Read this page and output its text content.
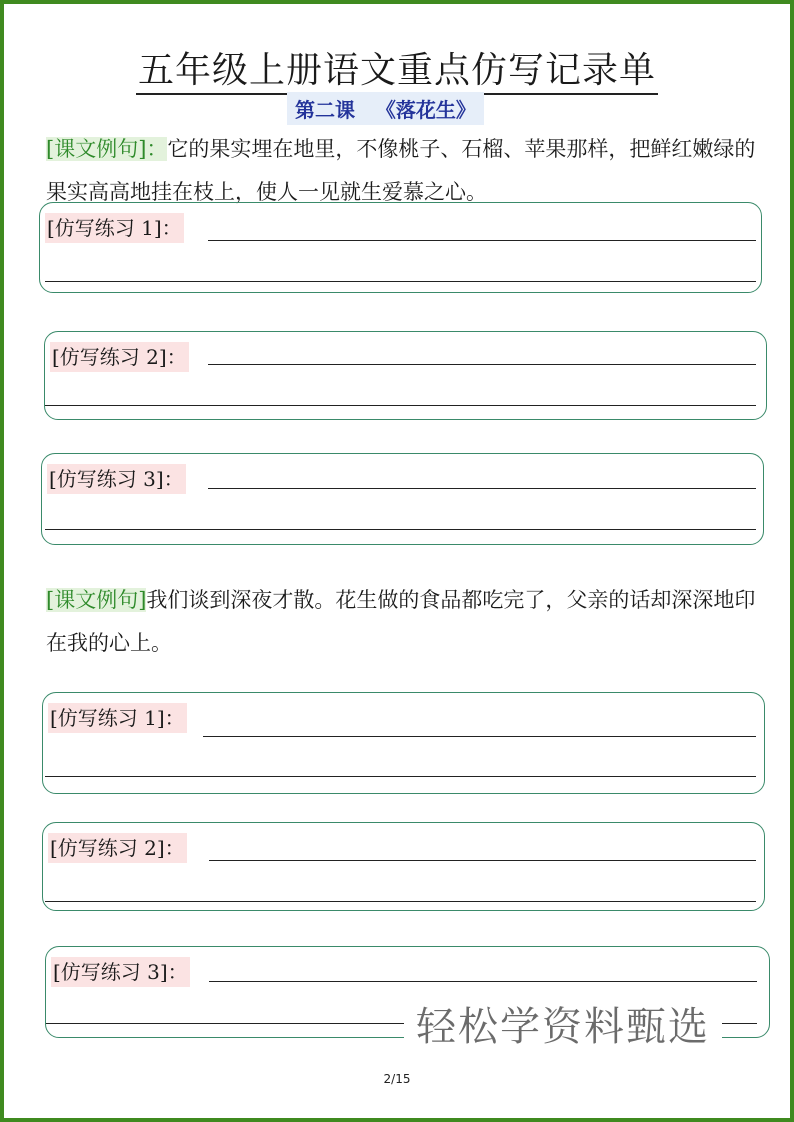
五年级上册语文重点仿写记录单
第二课   《落花生》
[课文例句]：它的果实埋在地里，不像桃子、石榴、苹果那样，把鲜红嫩绿的果实高高地挂在枝上，使人一见就生爱慕之心。
[仿写练习 1]：
[仿写练习 2]：
[仿写练习 3]：
[课文例句]我们谈到深夜才散。花生做的食品都吃完了，父亲的话却深深地印在我的心上。
[仿写练习 1]：
[仿写练习 2]：
[仿写练习 3]：
轻松学资料甄选
2/15
